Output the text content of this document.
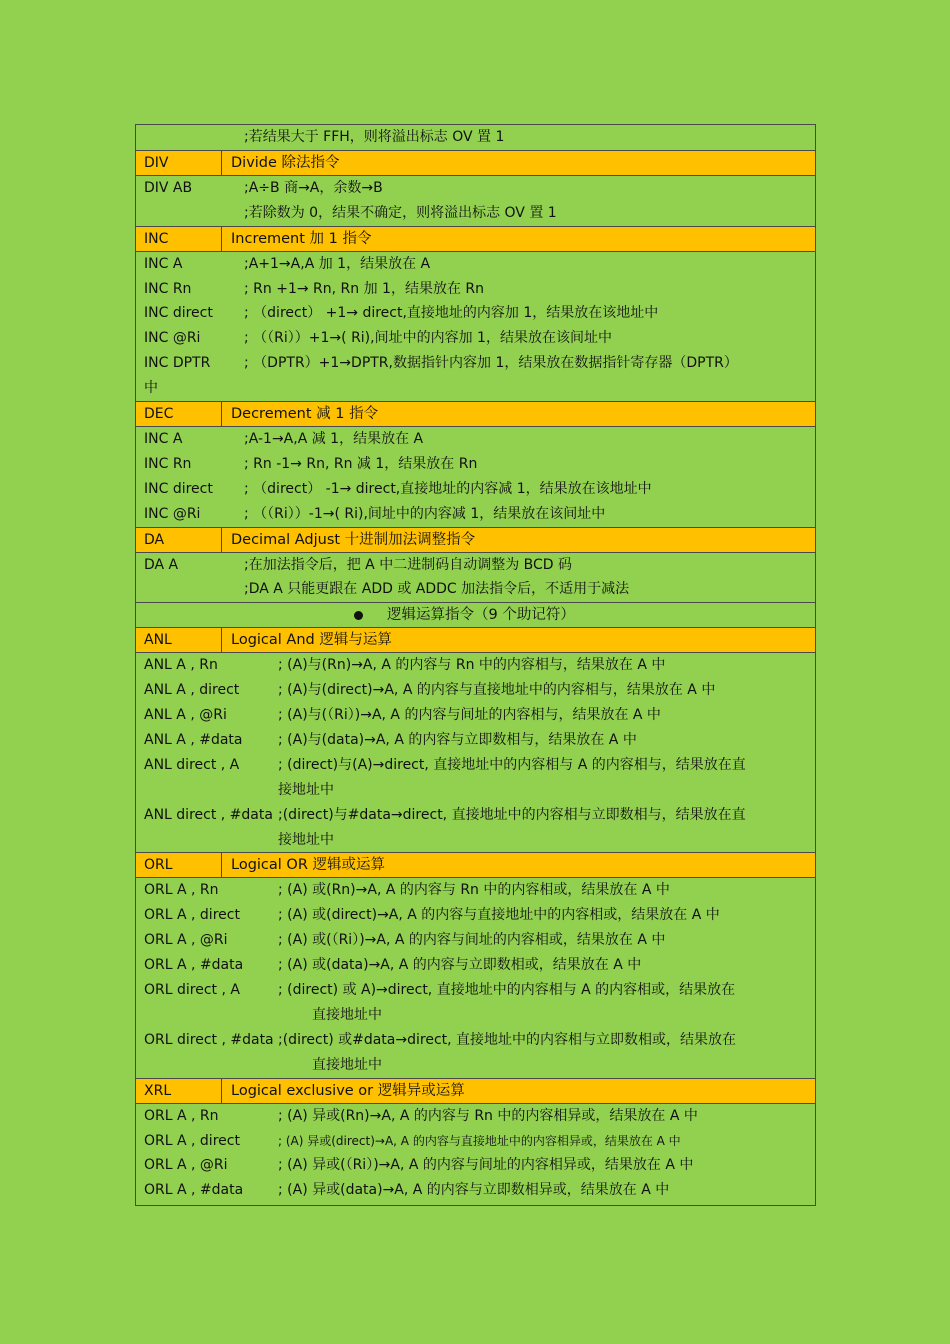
;若结果大于 FFH，则将溢出标志 OV 置 1
DIV	Divide 除法指令
DIV AB	;A÷B 商→A，余数→B
;若除数为 0，结果不确定，则将溢出标志 OV 置 1
INC	Increment 加 1 指令
INC A	;A+1→A,A 加 1，结果放在 A
INC Rn	; Rn +1→ Rn, Rn 加 1，结果放在 Rn
INC direct ; （direct） +1→ direct,直接地址的内容加 1，结果放在该地址中
INC @Ri	; （（Ri））+1→( Ri),间址中的内容加 1，结果放在该间址中
INC DPTR ; （DPTR）+1→DPTR,数据指针内容加 1，结果放在数据指针寄存器（DPTR）
中
DEC	Decrement 减 1 指令
INC A	;A-1→A,A 减 1，结果放在 A
INC Rn	; Rn -1→ Rn, Rn 减 1，结果放在 Rn
INC direct ; （direct） -1→ direct,直接地址的内容减 1，结果放在该地址中
INC @Ri	; （（Ri））-1→( Ri),间址中的内容减 1，结果放在该间址中
DA	Decimal Adjust 十进制加法调整指令
DA A	;在加法指令后，把 A 中二进制码自动调整为 BCD 码
;DA A 只能更跟在 ADD 或 ADDC 加法指令后，不适用于减法
逻辑运算指令（9 个助记符）
ANL	Logical And 逻辑与运算
ANL A , Rn	; (A)与(Rn)→A, A 的内容与 Rn 中的内容相与，结果放在 A 中
ANL A , direct	; (A)与(direct)→A, A 的内容与直接地址中的内容相与，结果放在 A 中
ANL A , @Ri	; (A)与(（Ri）)→A, A 的内容与间址的内容相与，结果放在 A 中
ANL A , #data	; (A)与(data)→A, A 的内容与立即数相与，结果放在 A 中
ANL direct , A	; (direct)与(A)→direct, 直接地址中的内容相与 A 的内容相与，结果放在直
接地址中
ANL direct , #data ;(direct)与#data→direct, 直接地址中的内容相与立即数相与，结果放在直
接地址中
ORL	Logical OR 逻辑或运算
ORL A , Rn	; (A) 或(Rn)→A, A 的内容与 Rn 中的内容相或，结果放在 A 中
ORL A , direct	; (A) 或(direct)→A, A 的内容与直接地址中的内容相或，结果放在 A 中
ORL A , @Ri	; (A) 或(（Ri）)→A, A 的内容与间址的内容相或，结果放在 A 中
ORL A , #data ; (A) 或(data)→A, A 的内容与立即数相或，结果放在 A 中
ORL direct , A	; (direct) 或 A)→direct, 直接地址中的内容相与 A 的内容相或，结果放在
直接地址中
ORL direct , #data ;(direct) 或#data→direct, 直接地址中的内容相与立即数相或，结果放在
直接地址中
XRL	Logical exclusive or 逻辑异或运算
ORL A , Rn	; (A) 异或(Rn)→A, A 的内容与 Rn 中的内容相异或，结果放在 A 中
ORL A , direct	; (A) 异或(direct)→A, A 的内容与直接地址中的内容相异或，结果放在 A 中
ORL A , @Ri	; (A) 异或(（Ri）)→A, A 的内容与间址的内容相异或，结果放在 A 中
ORL A , #data ; (A) 异或(data)→A, A 的内容与立即数相异或，结果放在 A 中
